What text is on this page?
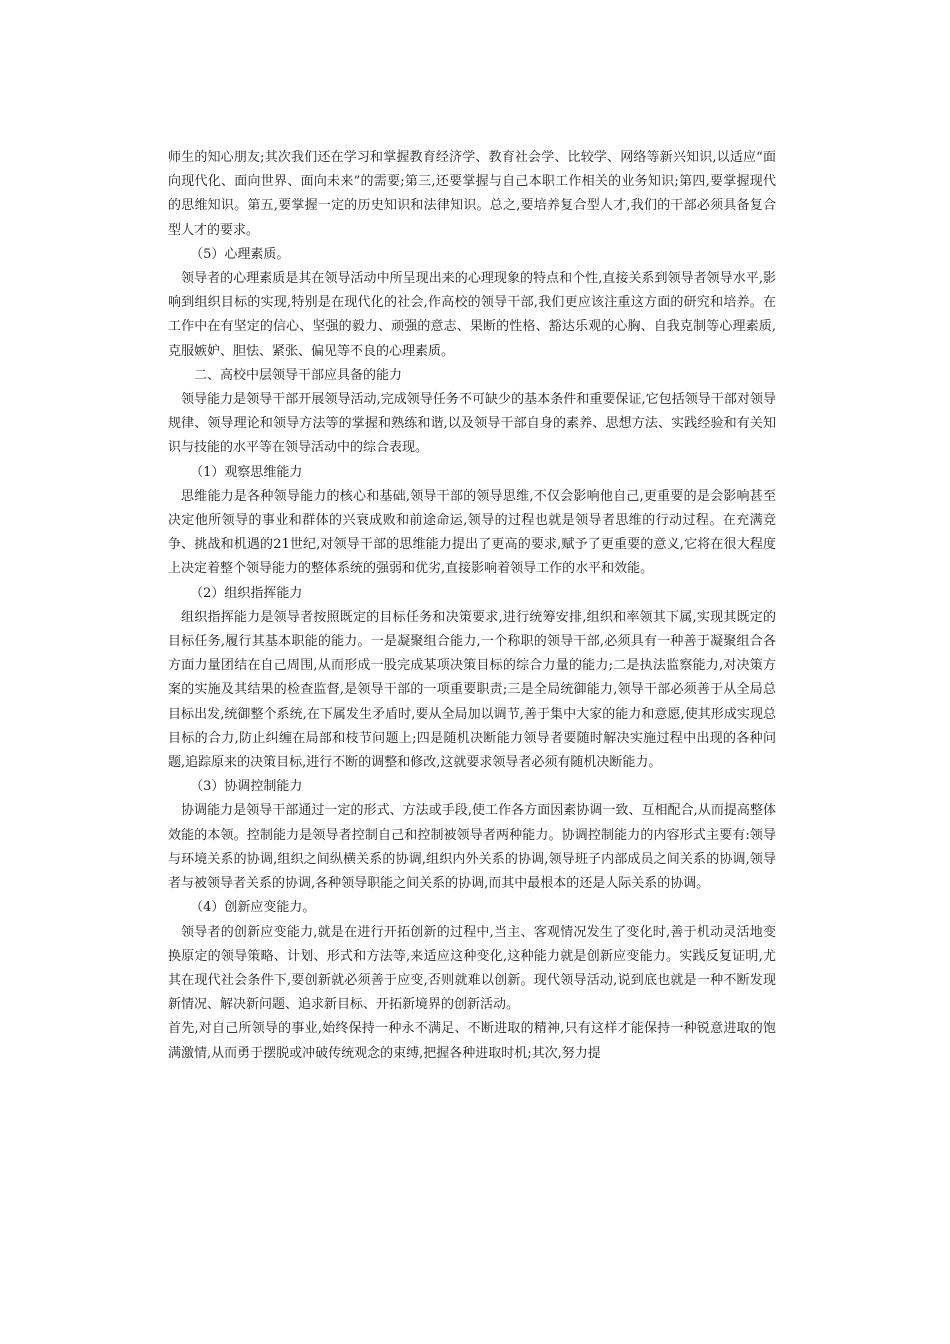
师生的知心朋友;其次我们还在学习和掌握教育经济学、教育社会学、比较学、网络等新兴知识,以适应“面向现代化、面向世界、面向未来”的需要;第三,还要掌握与自己本职工作相关的业务知识;第四,要掌握现代的思维知识。第五,要掌握一定的历史知识和法律知识。总之,要培养复合型人才,我们的干部必须具备复合型人才的要求。

（5）心理素质。

领导者的心理素质是其在领导活动中所呈现出来的心理现象的特点和个性,直接关系到领导者领导水平,影响到组织目标的实现,特别是在现代化的社会,作高校的领导干部,我们更应该注重这方面的研究和培养。在工作中在有坚定的信心、坚强的毅力、顽强的意志、果断的性格、豁达乐观的心胸、自我克制等心理素质,克服嫉妒、胆怯、紧张、偏见等不良的心理素质。

二、高校中层领导干部应具备的能力

领导能力是领导干部开展领导活动,完成领导任务不可缺少的基本条件和重要保证,它包括领导干部对领导规律、领导理论和领导方法等的掌握和熟练和谐,以及领导干部自身的素养、思想方法、实践经验和有关知识与技能的水平等在领导活动中的综合表现。

（1）观察思维能力

思维能力是各种领导能力的核心和基础,领导干部的领导思维,不仅会影响他自己,更重要的是会影响甚至决定他所领导的事业和群体的兴衰成败和前途命运,领导的过程也就是领导者思维的行动过程。在充满竞争、挑战和机遇的21世纪,对领导干部的思维能力提出了更高的要求,赋予了更重要的意义,它将在很大程度上决定着整个领导能力的整体系统的强弱和优劣,直接影响着领导工作的水平和效能。

（2）组织指挥能力

组织指挥能力是领导者按照既定的目标任务和决策要求,进行统筹安排,组织和率领其下属,实现其既定的目标任务,履行其基本职能的能力。一是凝聚组合能力,一个称职的领导干部,必须具有一种善于凝聚组合各方面力量团结在自己周围,从而形成一股完成某项决策目标的综合力量的能力;二是执法监察能力,对决策方案的实施及其结果的检查监督,是领导干部的一项重要职责;三是全局统御能力,领导干部必须善于从全局总目标出发,统御整个系统,在下属发生矛盾时,要从全局加以调节,善于集中大家的能力和意愿,使其形成实现总目标的合力,防止纠缠在局部和枝节问题上;四是随机决断能力领导者要随时解决实施过程中出现的各种问题,追踪原来的决策目标,进行不断的调整和修改,这就要求领导者必须有随机决断能力。

（3）协调控制能力

协调能力是领导干部通过一定的形式、方法或手段,使工作各方面因素协调一致、互相配合,从而提高整体效能的本领。控制能力是领导者控制自己和控制被领导者两种能力。协调控制能力的内容形式主要有:领导与环境关系的协调,组织之间纵横关系的协调,组织内外关系的协调,领导班子内部成员之间关系的协调,领导者与被领导者关系的协调,各种领导职能之间关系的协调,而其中最根本的还是人际关系的协调。

（4）创新应变能力。

领导者的创新应变能力,就是在进行开拓创新的过程中,当主、客观情况发生了变化时,善于机动灵活地变换原定的领导策略、计划、形式和方法等,来适应这种变化,这种能力就是创新应变能力。实践反复证明,尤其在现代社会条件下,要创新就必须善于应变,否则就难以创新。现代领导活动,说到底也就是一种不断发现新情况、解决新问题、追求新目标、开拓新境界的创新活动。

首先,对自己所领导的事业,始终保持一种永不满足、不断进取的精神,只有这样才能保持一种锐意进取的饱满激情,从而勇于摆脱或冲破传统观念的束缚,把握各种进取时机;其次,努力提
